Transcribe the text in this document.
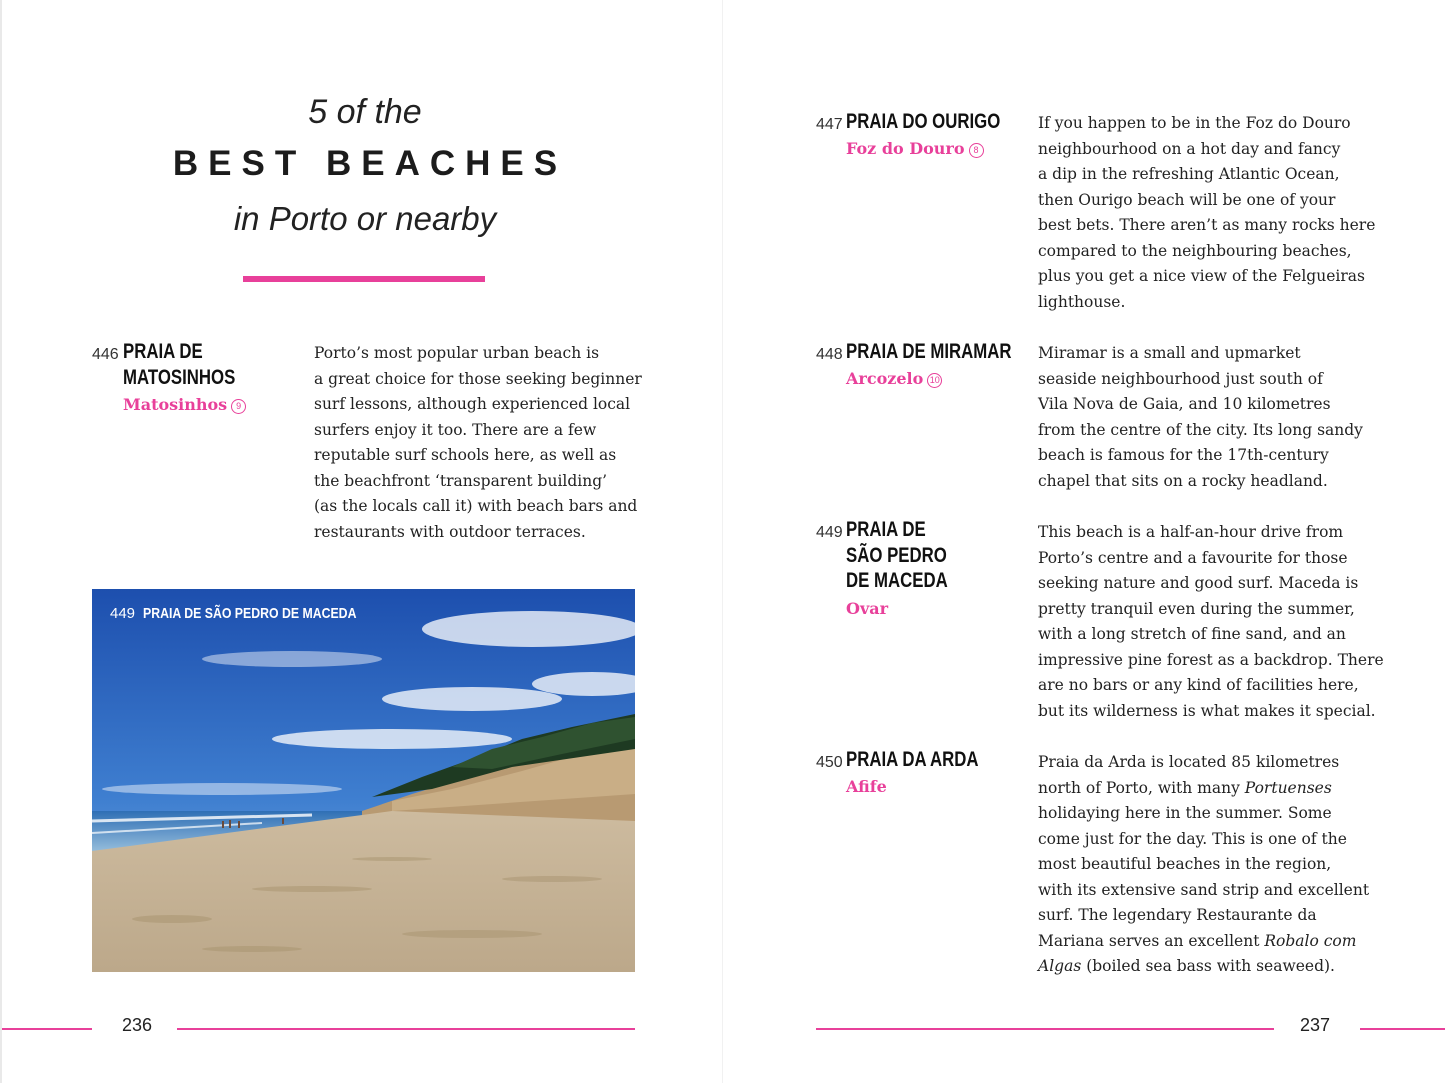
5 of the
BEST BEACHES
in Porto or nearby
446 PRAIA DE
MATOSINHOS
Matosinhos 9
Porto’s most popular urban beach is
a great choice for those seeking beginner
surf lessons, although experienced local
surfers enjoy it too. There are a few
reputable surf schools here, as well as
the beachfront ‘transparent building’
(as the locals call it) with beach bars and
restaurants with outdoor terraces.
449 PRAIA DE SÃO PEDRO DE MACEDA
236
447 PRAIA DO OURIGO
Foz do Douro 8
If you happen to be in the Foz do Douro
neighbourhood on a hot day and fancy
a dip in the refreshing Atlantic Ocean,
then Ourigo beach will be one of your
best bets. There aren’t as many rocks here
compared to the neighbouring beaches,
plus you get a nice view of the Felgueiras
lighthouse.
448 PRAIA DE MIRAMAR
Arcozelo 10
Miramar is a small and upmarket
seaside neighbourhood just south of
Vila Nova de Gaia, and 10 kilometres
from the centre of the city. Its long sandy
beach is famous for the 17th-century
chapel that sits on a rocky headland.
449 PRAIA DE
SÃO PEDRO
DE MACEDA
Ovar
This beach is a half-an-hour drive from
Porto’s centre and a favourite for those
seeking nature and good surf. Maceda is
pretty tranquil even during the summer,
with a long stretch of fine sand, and an
impressive pine forest as a backdrop. There
are no bars or any kind of facilities here,
but its wilderness is what makes it special.
450 PRAIA DA ARDA
Afife
Praia da Arda is located 85 kilometres
north of Porto, with many Portuenses
holidaying here in the summer. Some
come just for the day. This is one of the
most beautiful beaches in the region,
with its extensive sand strip and excellent
surf. The legendary Restaurante da
Mariana serves an excellent Robalo com
Algas (boiled sea bass with seaweed).
237
